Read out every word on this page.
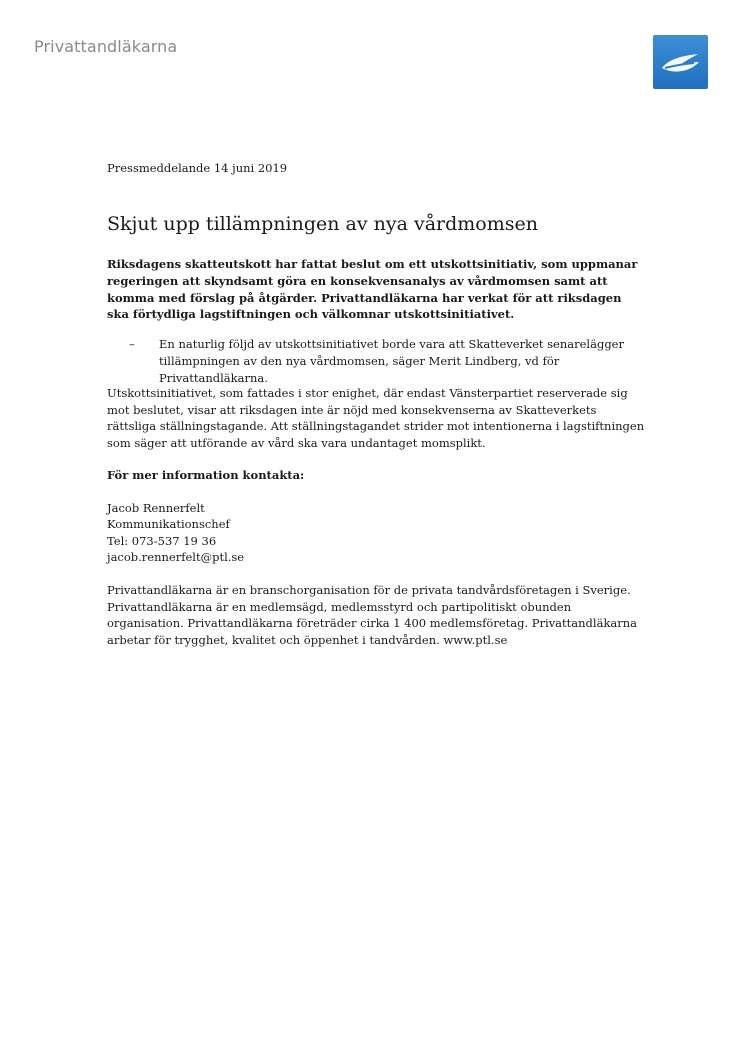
Privattandläkarna
Pressmeddelande 14 juni 2019
Skjut upp tillämpningen av nya vårdmomsen

Riksdagens skatteutskott har fattat beslut om ett utskottsinitiativ, som uppmanar regeringen att skyndsamt göra en konsekvensanalys av vårdmomsen samt att komma med förslag på åtgärder. Privattandläkarna har verkat för att riksdagen ska förtydliga lagstiftningen och välkomnar utskottsinitiativet.

– En naturlig följd av utskottsinitiativet borde vara att Skatteverket senarelägger tillämpningen av den nya vårdmomsen, säger Merit Lindberg, vd för Privattandläkarna.

Utskottsinitiativet, som fattades i stor enighet, där endast Vänsterpartiet reserverade sig mot beslutet, visar att riksdagen inte är nöjd med konsekvenserna av Skatteverkets rättsliga ställningstagande. Att ställningstagandet strider mot intentionerna i lagstiftningen som säger att utförande av vård ska vara undantaget momsplikt.

För mer information kontakta:
Jacob Rennerfelt
Kommunikationschef
Tel: 073-537 19 36
jacob.rennerfelt@ptl.se

Privattandläkarna är en branschorganisation för de privata tandvårdsföretagen i Sverige. Privattandläkarna är en medlemsägd, medlemsstyrd och partipolitiskt obunden organisation. Privattandläkarna företräder cirka 1 400 medlemsföretag. Privattandläkarna arbetar för trygghet, kvalitet och öppenhet i tandvården. www.ptl.se
